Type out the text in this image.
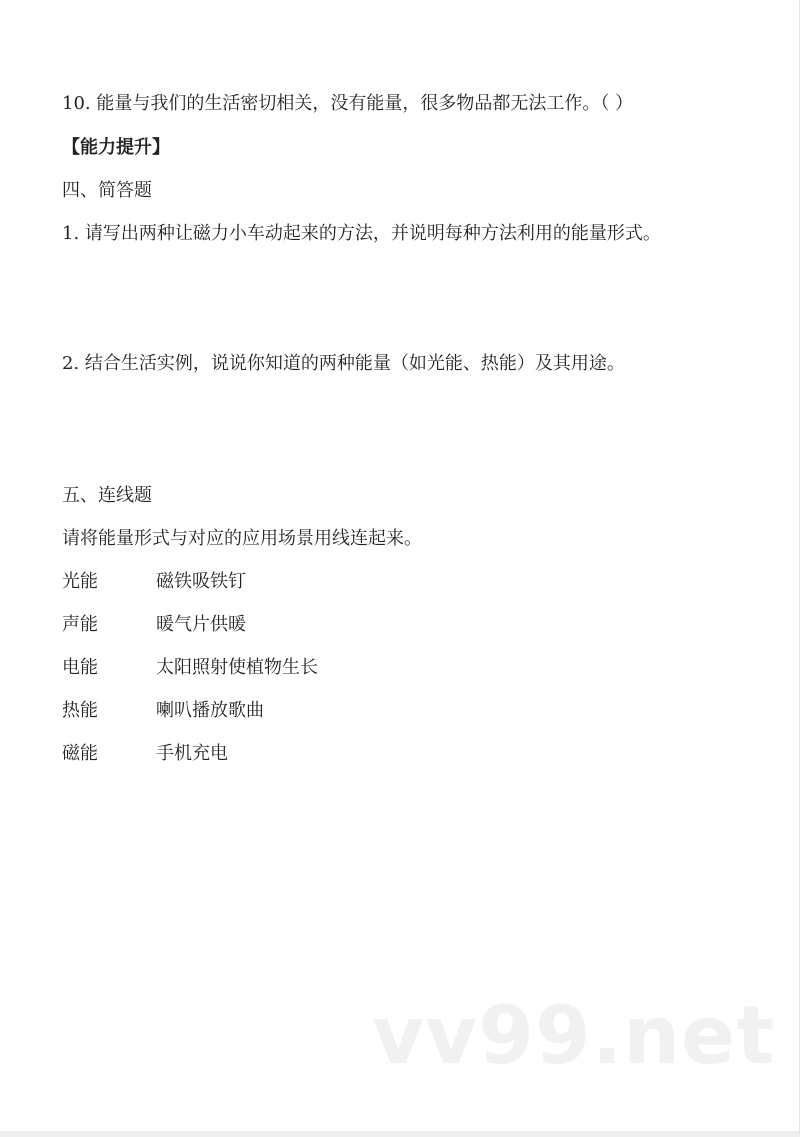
10. 能量与我们的生活密切相关，没有能量，很多物品都无法工作。（ ）
【能力提升】
四、简答题
1. 请写出两种让磁力小车动起来的方法，并说明每种方法利用的能量形式。
2. 结合生活实例，说说你知道的两种能量（如光能、热能）及其用途。
五、连线题
请将能量形式与对应的应用场景用线连起来。
光能	磁铁吸铁钉
声能	暖气片供暖
电能	太阳照射使植物生长
热能	喇叭播放歌曲
磁能	手机充电
vv99.net
